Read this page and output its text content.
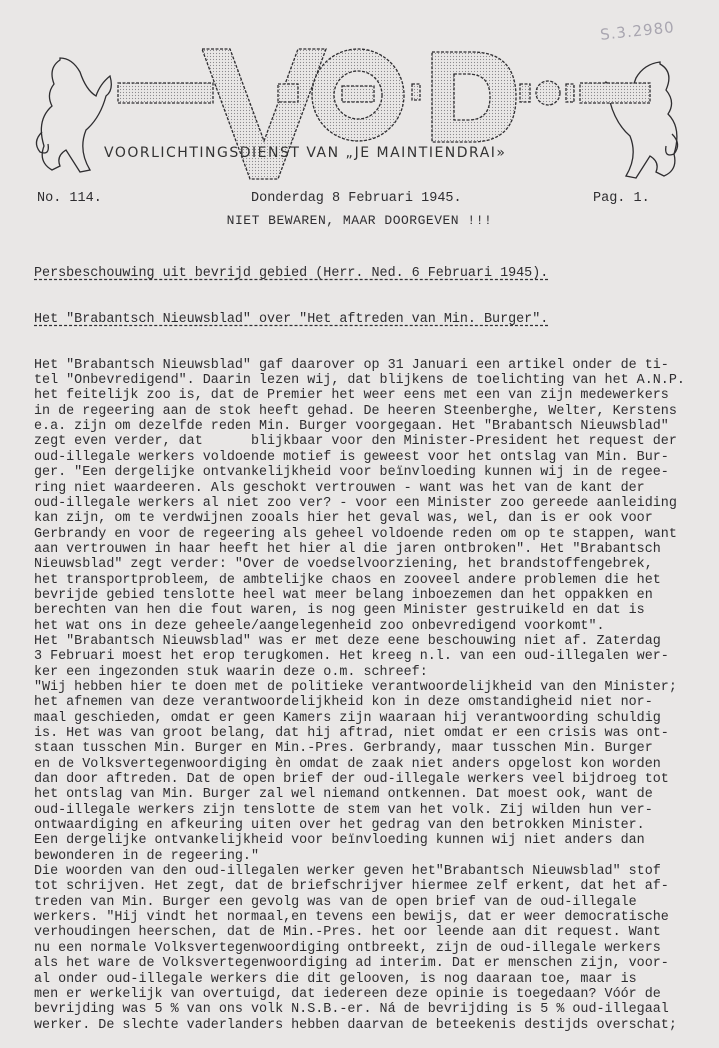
S.3.2980
VOORLICHTINGSDIENST VAN „JE MAINTIENDRAI»
No. 114.	Donderdag 8 Februari 1945.	Pag. 1.
NIET BEWAREN, MAAR DOORGEVEN !!!

Persbeschouwing uit bevrijd gebied (Herr. Ned. 6 Februari 1945).

Het "Brabantsch Nieuwsblad" over "Het aftreden van Min. Burger".

Het "Brabantsch Nieuwsblad" gaf daarover op 31 Januari een artikel onder de ti-
tel "Onbevredigend". Daarin lezen wij, dat blijkens de toelichting van het A.N.P.
het feitelijk zoo is, dat de Premier het weer eens met een van zijn medewerkers
in de regeering aan de stok heeft gehad. De heeren Steenberghe, Welter, Kerstens
e.a. zijn om dezelfde reden Min. Burger voorgegaan. Het "Brabantsch Nieuwsblad"
zegt even verder, dat      blijkbaar voor den Minister-President het request der
oud-illegale werkers voldoende motief is geweest voor het ontslag van Min. Bur-
ger. "Een dergelijke ontvankelijkheid voor beïnvloeding kunnen wij in de regee-
ring niet waardeeren. Als geschokt vertrouwen - want was het van de kant der
oud-illegale werkers al niet zoo ver? - voor een Minister zoo gereede aanleiding
kan zijn, om te verdwijnen zooals hier het geval was, wel, dan is er ook voor
Gerbrandy en voor de regeering als geheel voldoende reden om op te stappen, want
aan vertrouwen in haar heeft het hier al die jaren ontbroken". Het "Brabantsch
Nieuwsblad" zegt verder: "Over de voedselvoorziening, het brandstoffengebrek,
het transportprobleem, de ambtelijke chaos en zooveel andere problemen die het
bevrijde gebied tenslotte heel wat meer belang inboezemen dan het oppakken en
berechten van hen die fout waren, is nog geen Minister gestruikeld en dat is
het wat ons in deze geheele/aangelegenheid zoo onbevredigend voorkomt".
Het "Brabantsch Nieuwsblad" was er met deze eene beschouwing niet af. Zaterdag
3 Februari moest het erop terugkomen. Het kreeg n.l. van een oud-illegalen wer-
ker een ingezonden stuk waarin deze o.m. schreef:
"Wij hebben hier te doen met de politieke verantwoordelijkheid van den Minister;
het afnemen van deze verantwoordelijkheid kon in deze omstandigheid niet nor-
maal geschieden, omdat er geen Kamers zijn waaraan hij verantwoording schuldig
is. Het was van groot belang, dat hij aftrad, niet omdat er een crisis was ont-
staan tusschen Min. Burger en Min.-Pres. Gerbrandy, maar tusschen Min. Burger
en de Volksvertegenwoordiging èn omdat de zaak niet anders opgelost kon worden
dan door aftreden. Dat de open brief der oud-illegale werkers veel bijdroeg tot
het ontslag van Min. Burger zal wel niemand ontkennen. Dat moest ook, want de
oud-illegale werkers zijn tenslotte de stem van het volk. Zij wilden hun ver-
ontwaardiging en afkeuring uiten over het gedrag van den betrokken Minister.
Een dergelijke ontvankelijkheid voor beïnvloeding kunnen wij niet anders dan
bewonderen in de regeering."
Die woorden van den oud-illegalen werker geven het"Brabantsch Nieuwsblad" stof
tot schrijven. Het zegt, dat de briefschrijver hiermee zelf erkent, dat het af-
treden van Min. Burger een gevolg was van de open brief van de oud-illegale
werkers. "Hij vindt het normaal,en tevens een bewijs, dat er weer democratische
verhoudingen heerschen, dat de Min.-Pres. het oor leende aan dit request. Want
nu een normale Volksvertegenwoordiging ontbreekt, zijn de oud-illegale werkers
als het ware de Volksvertegenwoordiging ad interim. Dat er menschen zijn, voor-
al onder oud-illegale werkers die dit gelooven, is nog daaraan toe, maar is
men er werkelijk van overtuigd, dat iedereen deze opinie is toegedaan? Vóór de
bevrijding was 5 % van ons volk N.S.B.-er. Ná de bevrijding is 5 % oud-illegaal
werker. De slechte vaderlanders hebben daarvan de beteekenis destijds overschat;
